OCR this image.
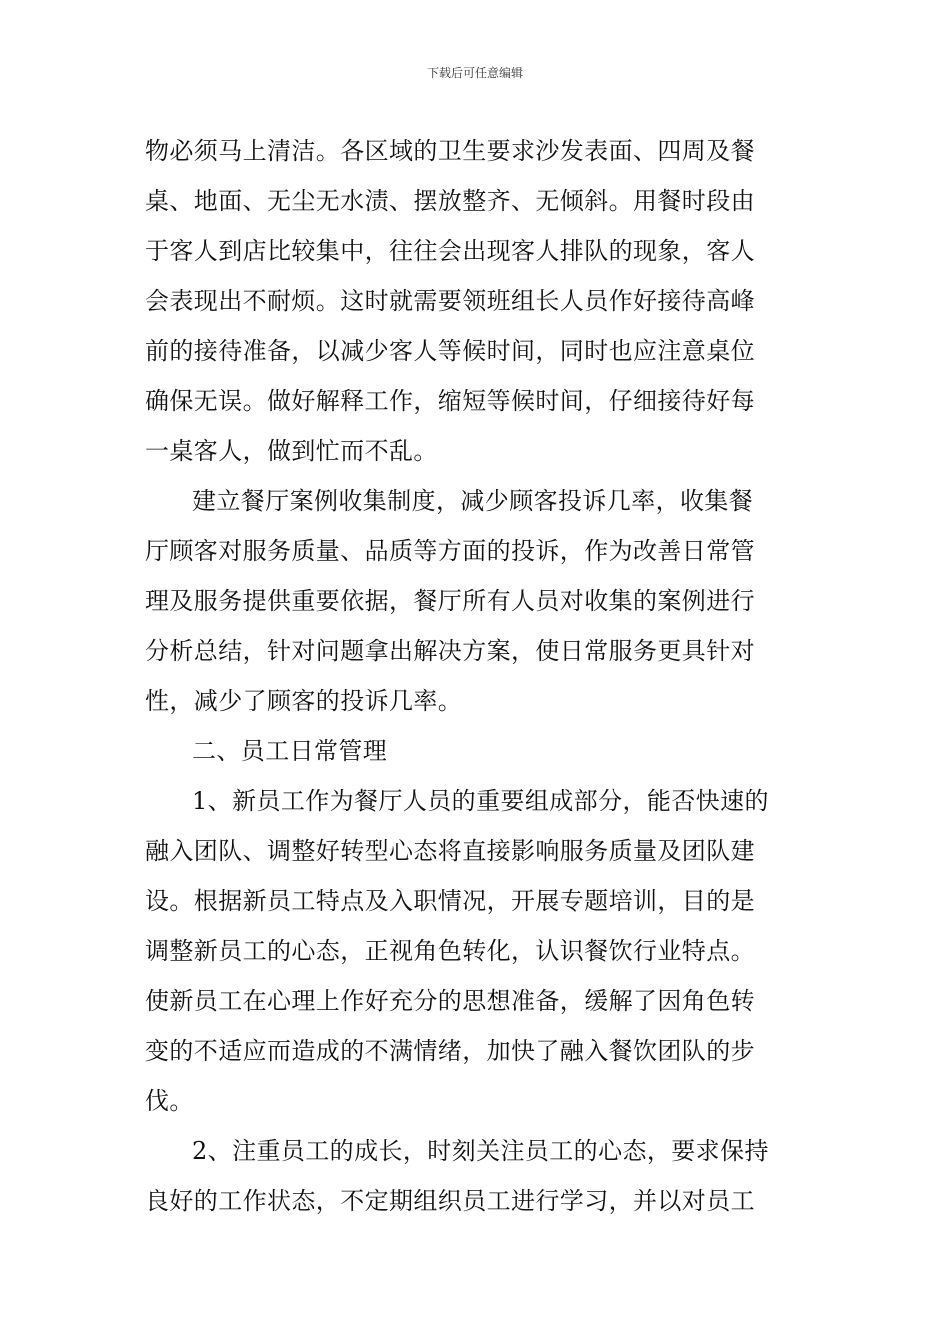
下载后可任意编辑
物必须马上清洁。各区域的卫生要求沙发表面、四周及餐
桌、地面、无尘无水渍、摆放整齐、无倾斜。用餐时段由
于客人到店比较集中，往往会出现客人排队的现象，客人
会表现出不耐烦。这时就需要领班组长人员作好接待高峰
前的接待准备，以减少客人等候时间，同时也应注意桌位
确保无误。做好解释工作，缩短等候时间，仔细接待好每
一桌客人，做到忙而不乱。
建立餐厅案例收集制度，减少顾客投诉几率，收集餐
厅顾客对服务质量、品质等方面的投诉，作为改善日常管
理及服务提供重要依据，餐厅所有人员对收集的案例进行
分析总结，针对问题拿出解决方案，使日常服务更具针对
性，减少了顾客的投诉几率。
二、员工日常管理
1、新员工作为餐厅人员的重要组成部分，能否快速的
融入团队、调整好转型心态将直接影响服务质量及团队建
设。根据新员工特点及入职情况，开展专题培训，目的是
调整新员工的心态，正视角色转化，认识餐饮行业特点。
使新员工在心理上作好充分的思想准备，缓解了因角色转
变的不适应而造成的不满情绪，加快了融入餐饮团队的步
伐。
2、注重员工的成长，时刻关注员工的心态，要求保持
良好的工作状态，不定期组织员工进行学习，并以对员工
